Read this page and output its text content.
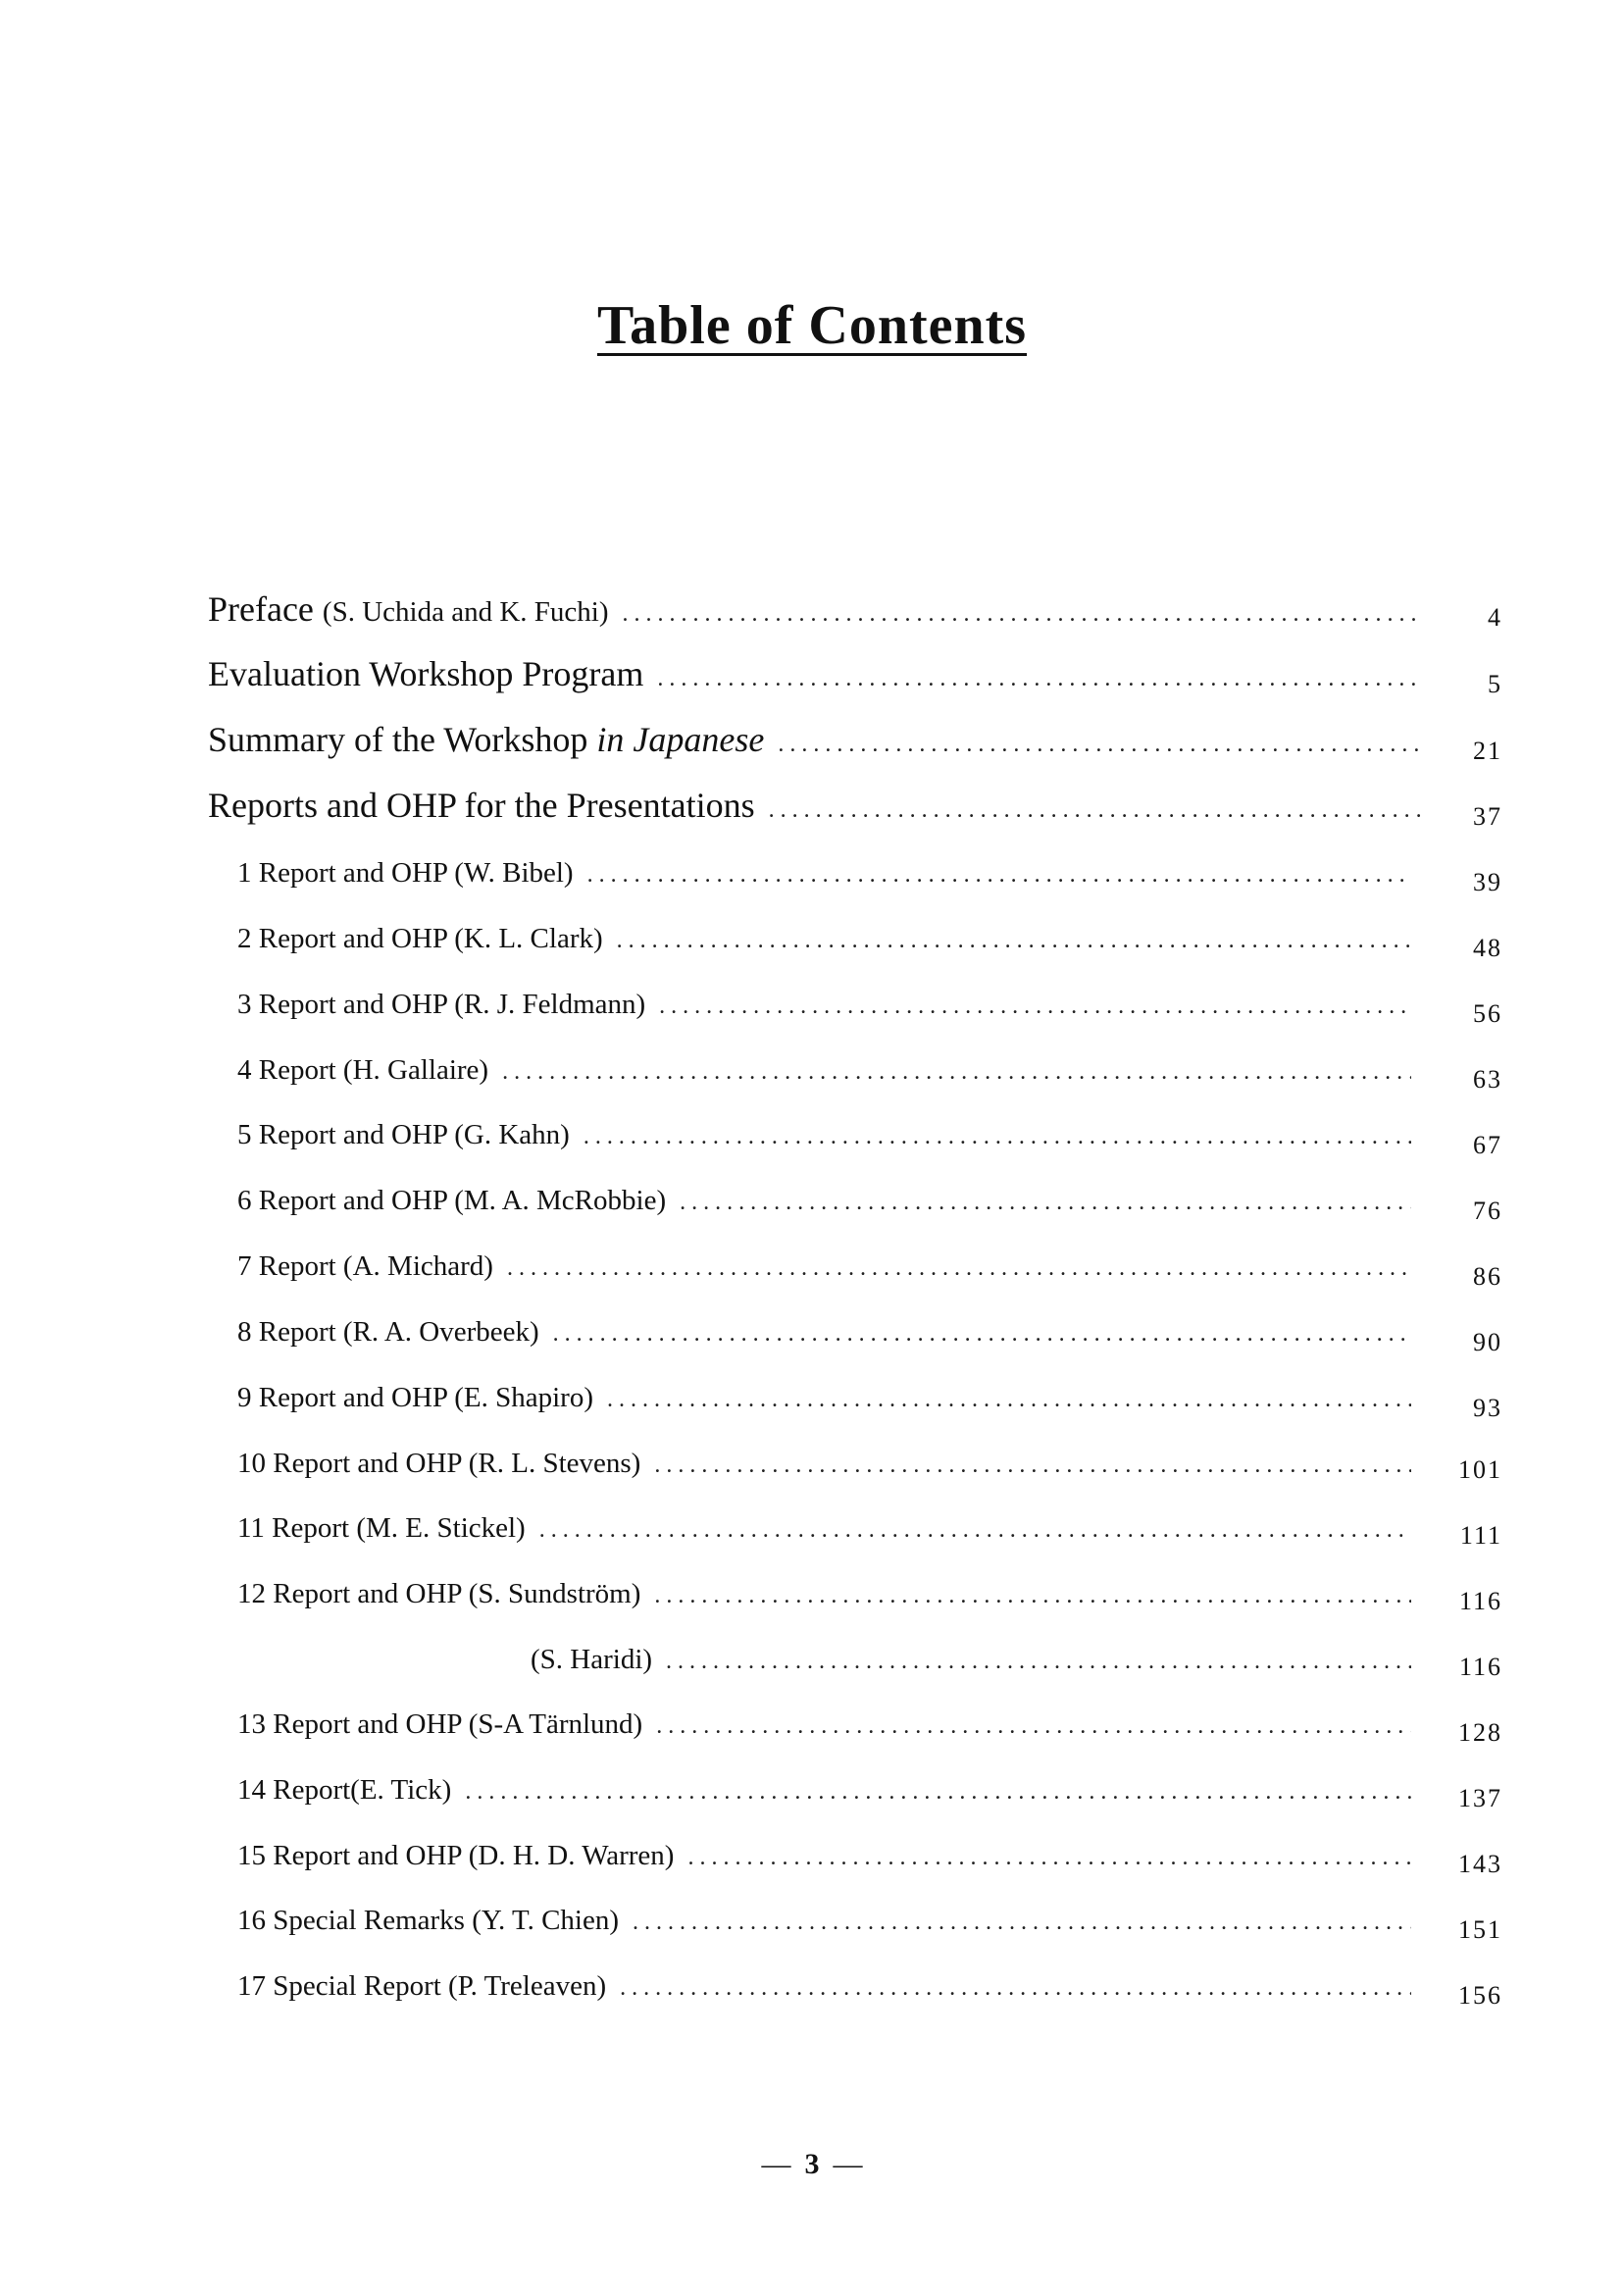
Table of Contents
Preface (S. Uchida and K. Fuchi) . . .	4
Evaluation Workshop Program . . .	5
Summary of the Workshop in Japanese . . .	21
Reports and OHP for the Presentations . . .	37
1 Report and OHP (W. Bibel) . . .	39
2 Report and OHP (K. L. Clark) . . .	48
3 Report and OHP (R. J. Feldmann) . . .	56
4 Report (H. Gallaire) . . .	63
5 Report and OHP (G. Kahn) . . .	67
6 Report and OHP (M. A. McRobbie) . . .	76
7 Report (A. Michard) . . .	86
8 Report (R. A. Overbeek) . . .	90
9 Report and OHP (E. Shapiro) . . .	93
10 Report and OHP (R. L. Stevens) . . .	101
11 Report (M. E. Stickel) . . .	111
12 Report and OHP (S. Sundström) . . .	116
(S. Haridi) . . .	116
13 Report and OHP (S-A Tärnlund) . . .	128
14 Report(E. Tick) . . .	137
15 Report and OHP (D. H. D. Warren) . . .	143
16 Special Remarks (Y. T. Chien) . . .	151
17 Special Report (P. Treleaven) . . .	156
— 3 —
